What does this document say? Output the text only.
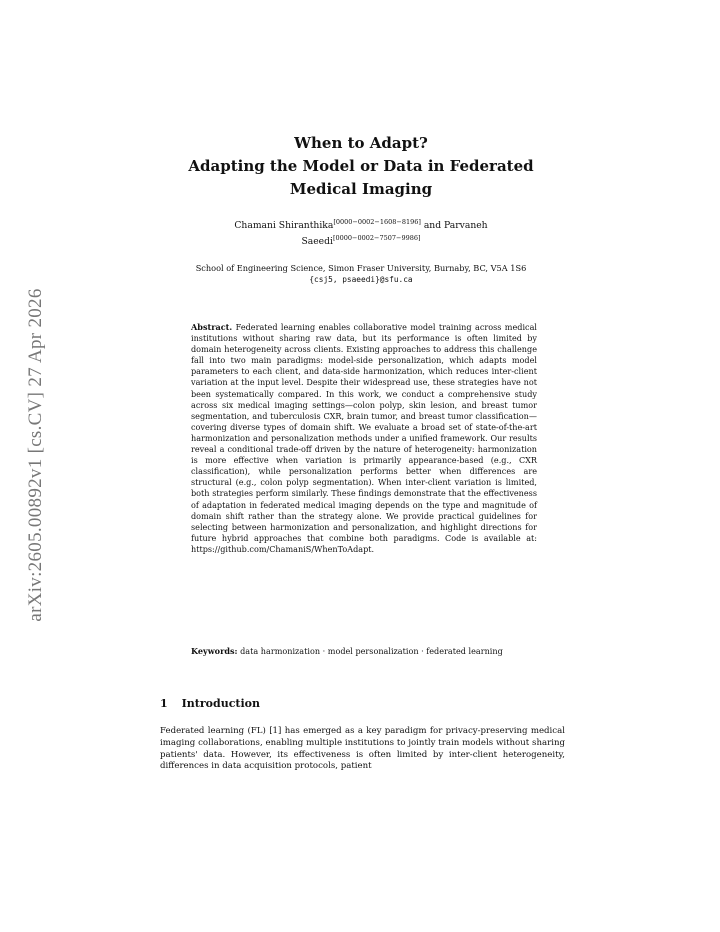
arXiv:2605.00892v1 [cs.CV] 27 Apr 2026
When to Adapt?
Adapting the Model or Data in Federated
Medical Imaging
Chamani Shiranthika[0000−0002−1608−8196] and Parvaneh
Saeedi[0000−0002−7507−9986]
School of Engineering Science, Simon Fraser University, Burnaby, BC, V5A 1S6
{csj5, psaeedi}@sfu.ca
Abstract. Federated learning enables collaborative model training across medical institutions without sharing raw data, but its performance is often limited by domain heterogeneity across clients. Existing approaches to address this challenge fall into two main paradigms: model-side personalization, which adapts model parameters to each client, and data-side harmonization, which reduces inter-client variation at the input level. Despite their widespread use, these strategies have not been systematically compared. In this work, we conduct a comprehensive study across six medical imaging settings—colon polyp, skin lesion, and breast tumor segmentation, and tuberculosis CXR, brain tumor, and breast tumor classification—covering diverse types of domain shift. We evaluate a broad set of state-of-the-art harmonization and personalization methods under a unified framework. Our results reveal a conditional trade-off driven by the nature of heterogeneity: harmonization is more effective when variation is primarily appearance-based (e.g., CXR classification), while personalization performs better when differences are structural (e.g., colon polyp segmentation). When inter-client variation is limited, both strategies perform similarly. These findings demonstrate that the effectiveness of adaptation in federated medical imaging depends on the type and magnitude of domain shift rather than the strategy alone. We provide practical guidelines for selecting between harmonization and personalization, and highlight directions for future hybrid approaches that combine both paradigms. Code is available at: https://github.com/ChamaniS/WhenToAdapt.
Keywords: data harmonization · model personalization · federated learning
1 Introduction
Federated learning (FL) [1] has emerged as a key paradigm for privacy-preserving medical imaging collaborations, enabling multiple institutions to jointly train models without sharing patients' data. However, its effectiveness is often limited by inter-client heterogeneity, differences in data acquisition protocols, patient
